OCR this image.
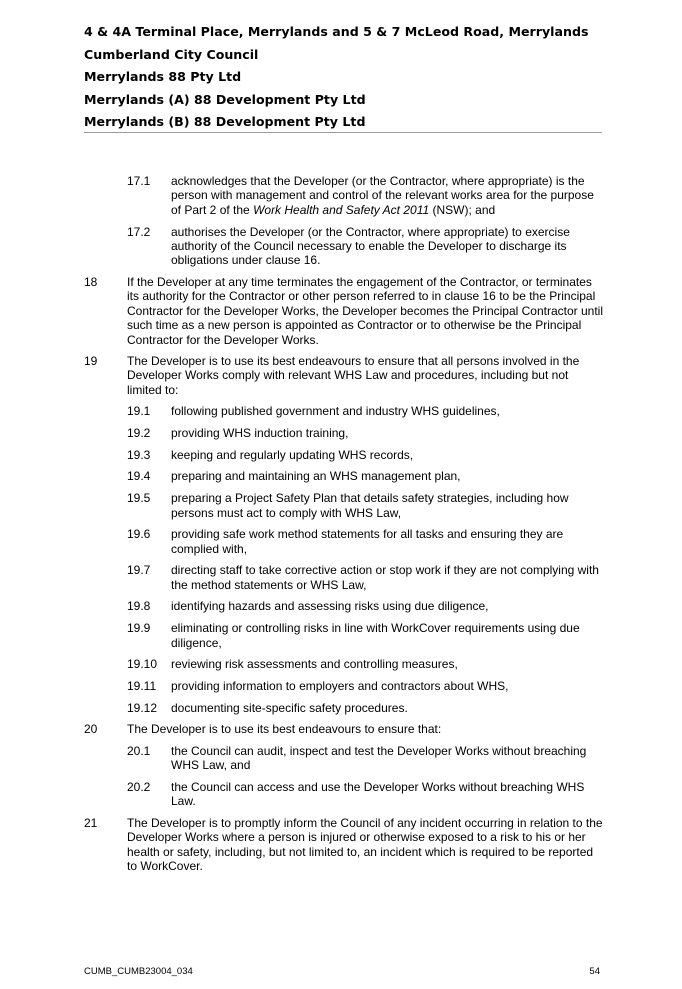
4 & 4A Terminal Place, Merrylands and 5 & 7 McLeod Road, Merrylands
Cumberland City Council
Merrylands 88 Pty Ltd
Merrylands (A) 88 Development Pty Ltd
Merrylands (B) 88 Development Pty Ltd
17.1 acknowledges that the Developer (or the Contractor, where appropriate) is the person with management and control of the relevant works area for the purpose of Part 2 of the Work Health and Safety Act 2011 (NSW); and
17.2 authorises the Developer (or the Contractor, where appropriate) to exercise authority of the Council necessary to enable the Developer to discharge its obligations under clause 16.
18 If the Developer at any time terminates the engagement of the Contractor, or terminates its authority for the Contractor or other person referred to in clause 16 to be the Principal Contractor for the Developer Works, the Developer becomes the Principal Contractor until such time as a new person is appointed as Contractor or to otherwise be the Principal Contractor for the Developer Works.
19 The Developer is to use its best endeavours to ensure that all persons involved in the Developer Works comply with relevant WHS Law and procedures, including but not limited to:
19.1 following published government and industry WHS guidelines,
19.2 providing WHS induction training,
19.3 keeping and regularly updating WHS records,
19.4 preparing and maintaining an WHS management plan,
19.5 preparing a Project Safety Plan that details safety strategies, including how persons must act to comply with WHS Law,
19.6 providing safe work method statements for all tasks and ensuring they are complied with,
19.7 directing staff to take corrective action or stop work if they are not complying with the method statements or WHS Law,
19.8 identifying hazards and assessing risks using due diligence,
19.9 eliminating or controlling risks in line with WorkCover requirements using due diligence,
19.10 reviewing risk assessments and controlling measures,
19.11 providing information to employers and contractors about WHS,
19.12 documenting site-specific safety procedures.
20 The Developer is to use its best endeavours to ensure that:
20.1 the Council can audit, inspect and test the Developer Works without breaching WHS Law, and
20.2 the Council can access and use the Developer Works without breaching WHS Law.
21 The Developer is to promptly inform the Council of any incident occurring in relation to the Developer Works where a person is injured or otherwise exposed to a risk to his or her health or safety, including, but not limited to, an incident which is required to be reported to WorkCover.
CUMB_CUMB23004_034	54
